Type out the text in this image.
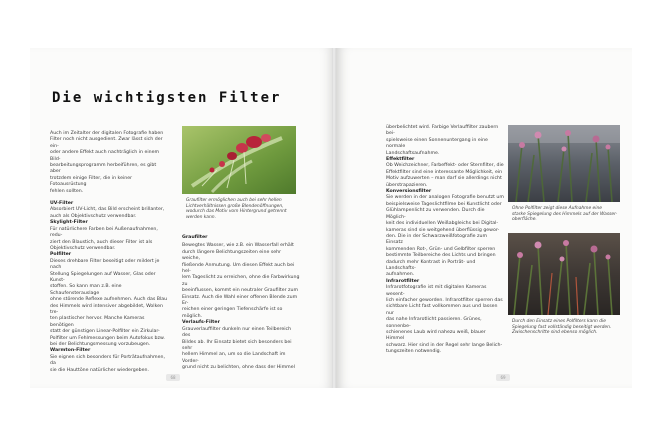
Die wichtigsten Filter

Auch im Zeitalter der digitalen Fotografie haben

Filter noch nicht ausgedient. Zwar lässt sich der ein-

oder andere Effekt auch nachträglich in einem Bild-

bearbeitungsprogramm herbeiführen, es gibt aber

trotzdem einige Filter, die in keiner Fotoausrüstung

fehlen sollten.

UV-Filter

Absorbiert UV-Licht, das Bild erscheint brillanter,

auch als Objektivschutz verwendbar.

Skylight-Filter

Für natürlichere Farben bei Außenaufnahmen, redu-

ziert den Blaustich, auch dieser Filter ist als

Objektivschutz verwendbar.

Polfilter

Dieses drehbare Filter beseitigt oder mildert je nach

Stellung Spiegelungen auf Wasser, Glas oder Kunst-

stoffen. So kann man z.B. eine Schaufensterauslage

ohne störende Reflexe aufnehmen. Auch das Blau

des Himmels wird intensiver abgebildet, Wolken tre-

ten plastischer hervor. Manche Kameras benötigen

statt der günstigen Linear-Polfilter ein Zirkular-

Polfilter um Fehlmessungen beim Autofokus bzw.

bei der Belichtungsmessung vorzubeugen.

Warmton-Filter

Sie eignen sich besonders für Porträtaufnahmen, da

sie die Hauttöne natürlicher wiedergeben.

Graufilter ermöglichen auch bei sehr hellen

Lichtverhältnissen große Blendenöffnungen,

wodurch das Motiv vom Hintergrund getrennt

werden kann.

Graufilter

Bewegtes Wasser, wie z.B. ein Wasserfall erhält

durch längere Belichtungszeiten eine sehr weiche,

fließende Anmutung. Um diesen Effekt auch bei hel-

lem Tageslicht zu erreichen, ohne die Farbwirkung zu

beeinflussen, kommt ein neutraler Graufilter zum

Einsatz. Auch die Wahl einer offenen Blende zum Er-

reichen einer geringen Tiefenschärfe ist so möglich.

Verlaufs-Filter

Grauverlauffilter dunkeln nur einen Teilbereich des

Bildes ab. Ihr Einsatz bietet sich besonders bei sehr

hellem Himmel an, um so die Landschaft im Vorder-

grund nicht zu belichten, ohne dass der Himmel

68

überbelichtet wird. Farbige Verlauffilter zaubern bei-

spielsweise einen Sonnenuntergang in eine normale

Landschaftsaufnahme.

Effektfilter

Ob Weichzeichner, Farbeffekt- oder Sternfilter, die

Effektfilter sind eine interessante Möglichkeit, ein

Motiv aufzuwerten – man darf sie allerdings nicht

überstrapazieren.

Konversionsfilter

Sie werden in der analogen Fotografie benutzt um

beispielsweise Tageslichtfilme bei Kunstlicht oder

Glühlampenlicht zu verwenden. Durch die Möglich-

keit des individuellen Weißabgleichs bei Digital-

kameras sind sie weitgehend überflüssig gewor-

den. Die in der Schwarzweißfotografie zum Einsatz

kommenden Rot-, Grün- und Gelbfilter sperren

bestimmte Teilbereiche des Lichts und bringen

dadurch mehr Kontrast in Porträt- und Landschafts-

aufnahmen.

Infrarotfilter

Infrarotfotografie ist mit digitalen Kameras wesent-

lich einfacher geworden. Infrarotfilter sperren das

sichtbare Licht fast vollkommen aus und lassen nur

das nahe Infrarotlicht passieren. Grünes, sonnenbe-

schienenes Laub wird nahezu weiß, blauer Himmel

schwarz. Hier sind in der Regel sehr lange Belich-

tungszeiten notwendig.

Ohne Polfilter zeigt diese Aufnahme eine

starke Spiegelung des Himmels auf der Wasser-

oberfläche.

Durch den Einsatz eines Polfilters kann die

Spiegelung fast vollständig beseitigt werden.

Zwischenschritte sind ebenso möglich.

69
